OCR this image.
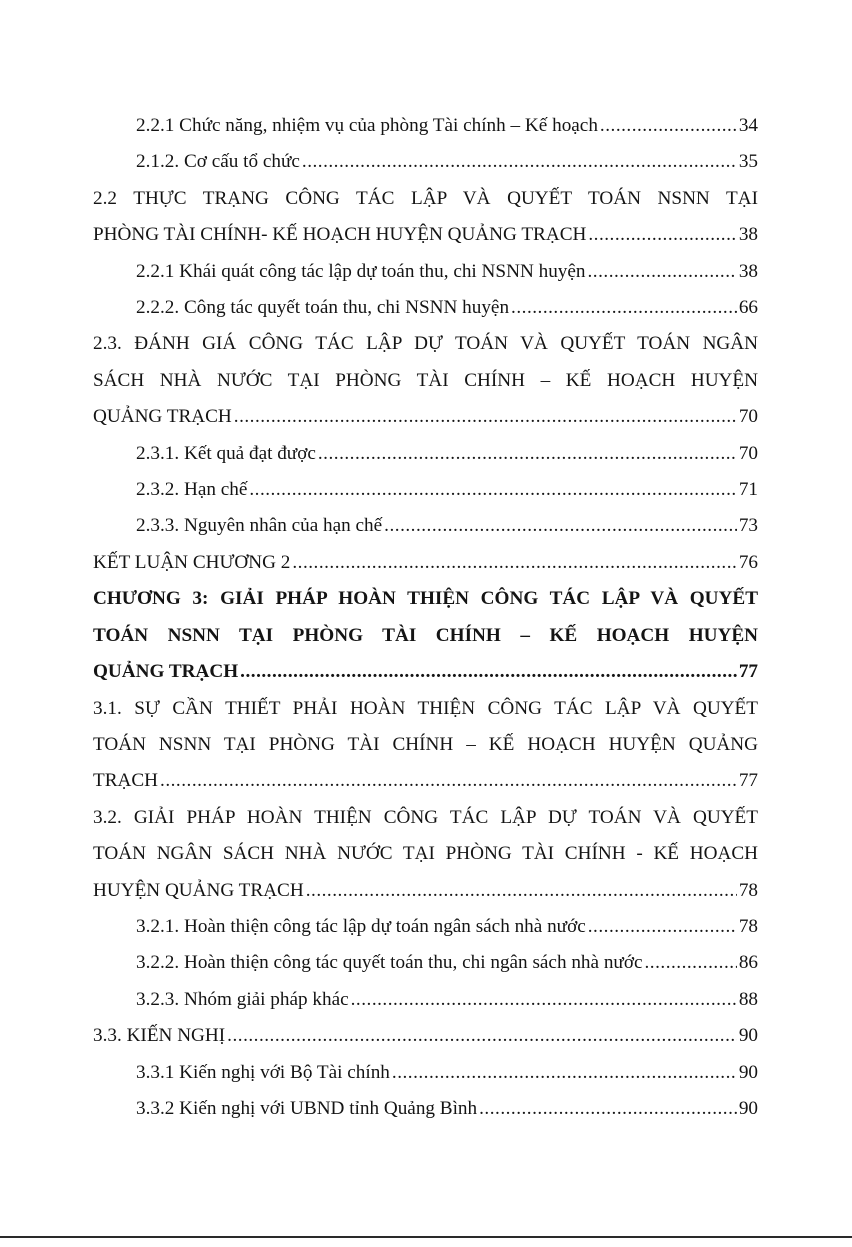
2.2.1 Chức năng, nhiệm vụ của phòng Tài chính – Kế hoạch .....	34
2.1.2. Cơ cấu tổ chức .....	35
2.2 THỰC TRẠNG CÔNG TÁC LẬP VÀ QUYẾT TOÁN NSNN TẠI
PHÒNG TÀI CHÍNH- KẾ HOẠCH HUYỆN QUẢNG TRẠCH .....	38
2.2.1 Khái quát công tác lập dự toán thu, chi NSNN huyện .....	38
2.2.2. Công tác quyết toán thu, chi NSNN huyện .....	66
2.3. ĐÁNH GIÁ CÔNG TÁC LẬP DỰ TOÁN VÀ QUYẾT TOÁN NGÂN
SÁCH NHÀ NƯỚC TẠI PHÒNG TÀI CHÍNH – KẾ HOẠCH HUYỆN
QUẢNG TRẠCH .....	70
2.3.1. Kết quả đạt được .....	70
2.3.2. Hạn chế .....	71
2.3.3. Nguyên nhân của hạn chế .....	73
KẾT LUẬN CHƯƠNG 2 .....	76
CHƯƠNG 3: GIẢI PHÁP HOÀN THIỆN CÔNG TÁC LẬP VÀ QUYẾT
TOÁN NSNN TẠI PHÒNG TÀI CHÍNH – KẾ HOẠCH HUYỆN
QUẢNG TRẠCH .....	77
3.1. SỰ CẦN THIẾT PHẢI HOÀN THIỆN CÔNG TÁC LẬP VÀ QUYẾT
TOÁN NSNN TẠI PHÒNG TÀI CHÍNH – KẾ HOẠCH HUYỆN QUẢNG
TRẠCH .....	77
3.2. GIẢI PHÁP HOÀN THIỆN CÔNG TÁC LẬP DỰ TOÁN VÀ QUYẾT
TOÁN NGÂN SÁCH NHÀ NƯỚC TẠI PHÒNG TÀI CHÍNH - KẾ HOẠCH
HUYỆN QUẢNG TRẠCH .....	78
3.2.1. Hoàn thiện công tác lập dự toán ngân sách nhà nước .....	78
3.2.2. Hoàn thiện công tác quyết toán thu, chi ngân sách nhà nước .....	86
3.2.3. Nhóm giải pháp khác .....	88
3.3. KIẾN NGHỊ .....	90
3.3.1 Kiến nghị với Bộ Tài chính .....	90
3.3.2 Kiến nghị với UBND tỉnh Quảng Bình .....	90
